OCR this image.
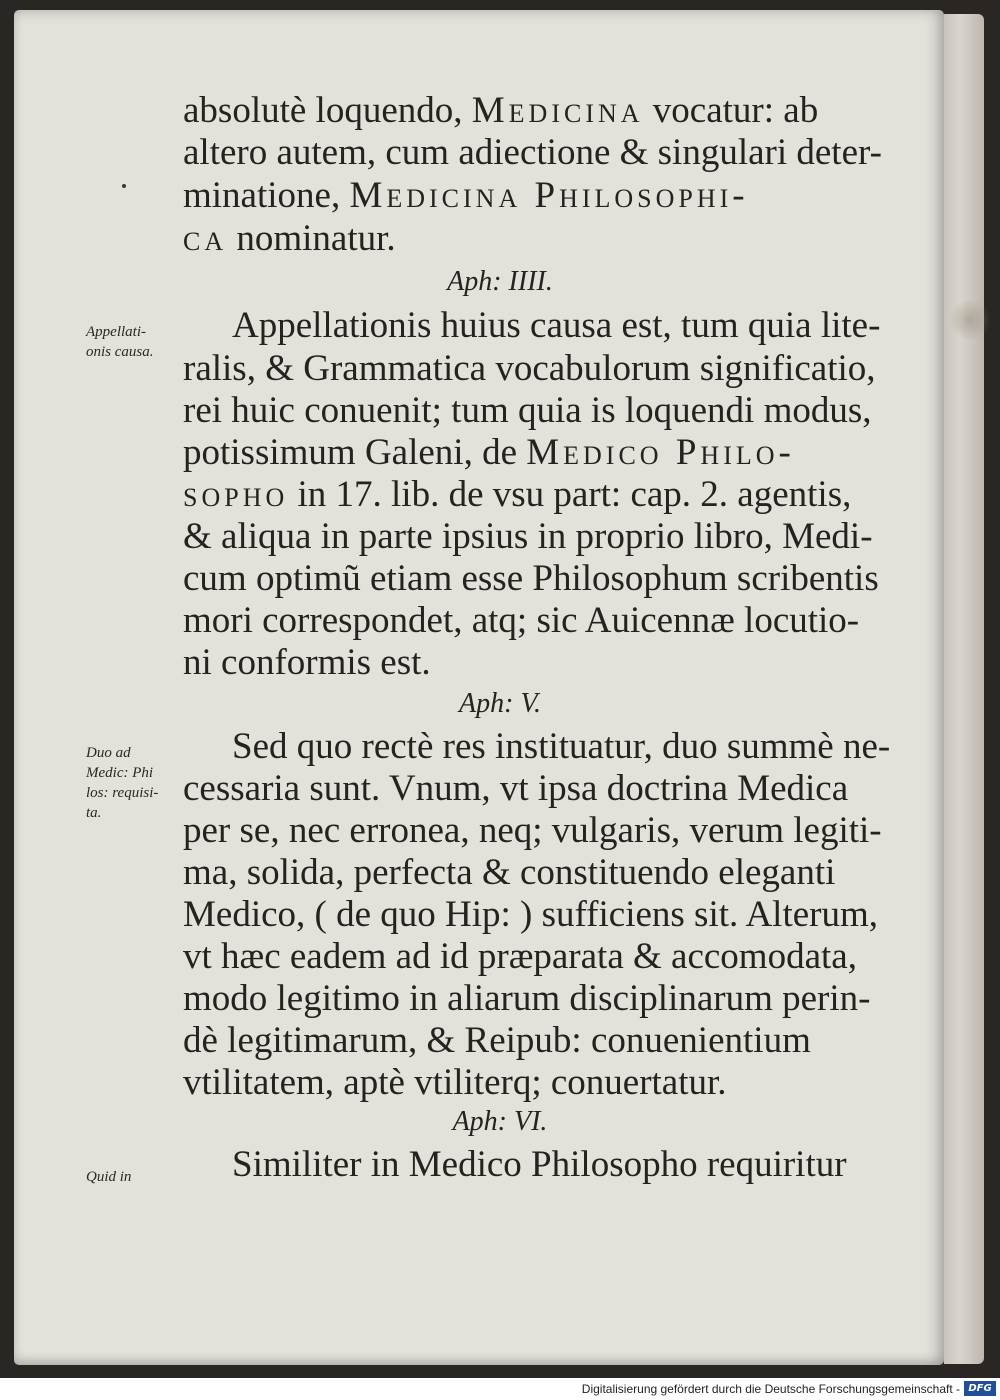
absolutè loquendo, Medicina vocatur: ab
altero autem, cum adiectione & singulari deter-
minatione, Medicina Philosophi-
ca nominatur.
Aph: IIII.
Appellati-
onis causa.
Appellationis huius causa est, tum quia lite-
ralis, & Grammatica vocabulorum significatio,
rei huic conuenit; tum quia is loquendi modus,
potissimum Galeni, de Medico Philo-
sopho in 17. lib. de vsu part: cap. 2. agentis,
& aliqua in parte ipsius in proprio libro, Medi-
cum optimũ etiam esse Philosophum scribentis
mori correspondet, atq; sic Auicennæ locutio-
ni conformis est.
Aph: V.
Duo ad
Medic: Phi
los: requisi-
ta.
Sed quo rectè res instituatur, duo summè ne-
cessaria sunt. Vnum, vt ipsa doctrina Medica
per se, nec erronea, neq; vulgaris, verum legiti-
ma, solida, perfecta & constituendo eleganti
Medico, ( de quo Hip: ) sufficiens sit. Alterum,
vt hæc eadem ad id præparata & accomodata,
modo legitimo in aliarum disciplinarum perin-
dè legitimarum, & Reipub: conuenientium
vtilitatem, aptè vtiliterq; conuertatur.
Aph: VI.
Quid in	Similiter in Medico Philosopho requiritur
Digitalisierung gefördert durch die Deutsche Forschungsgemeinschaft - DFG
